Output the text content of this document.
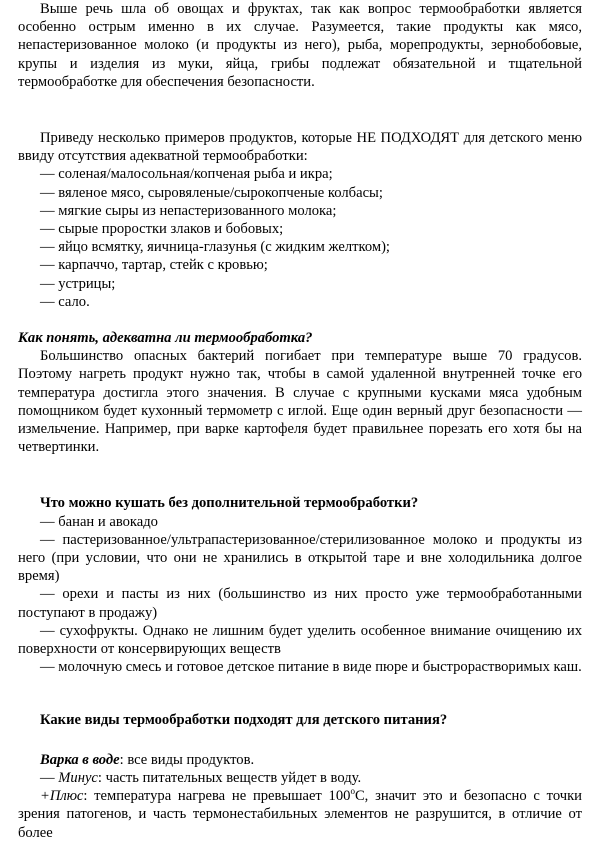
Выше речь шла об овощах и фруктах, так как вопрос термообработки является особенно острым именно в их случае. Разумеется, такие продукты как мясо, непастеризованное молоко (и продукты из него), рыба, морепродукты, зернобобовые, крупы и изделия из муки, яйца, грибы подлежат обязательной и тщательной термообработке для обеспечения безопасности.

Приведу несколько примеров продуктов, которые НЕ ПОДХОДЯТ для детского меню ввиду отсутствия адекватной термообработки:

— соленая/малосольная/копченая рыба и икра;

— вяленое мясо, сыровяленые/сырокопченые колбасы;

— мягкие сыры из непастеризованного молока;

— сырые проростки злаков и бобовых;

— яйцо всмятку, яичница-глазунья (с жидким желтком);

— карпаччо, тартар, стейк с кровью;

— устрицы;

— сало.

Как понять, адекватна ли термообработка?

Большинство опасных бактерий погибает при температуре выше 70 градусов. Поэтому нагреть продукт нужно так, чтобы в самой удаленной внутренней точке его температура достигла этого значения. В случае с крупными кусками мяса удобным помощником будет кухонный термометр с иглой. Еще один верный друг безопасности — измельчение. Например, при варке картофеля будет правильнее порезать его хотя бы на четвертинки.

Что можно кушать без дополнительной термообработки?

— банан и авокадо

— пастеризованное/ультрапастеризованное/стерилизованное молоко и продукты из него (при условии, что они не хранились в открытой таре и вне холодильника долгое время)

— орехи и пасты из них (большинство из них просто уже термообработанными поступают в продажу)

— сухофрукты. Однако не лишним будет уделить особенное внимание очищению их поверхности от консервирующих веществ

— молочную смесь и готовое детское питание в виде пюре и быстрорастворимых каш.

Какие виды термообработки подходят для детского питания?

Варка в воде: все виды продуктов.

— Минус: часть питательных веществ уйдет в воду.

+Плюс: температура нагрева не превышает $100^оС$, значит это и безопасно с точки зрения патогенов, и часть термонестабильных элементов не разрушится, в отличие от более
